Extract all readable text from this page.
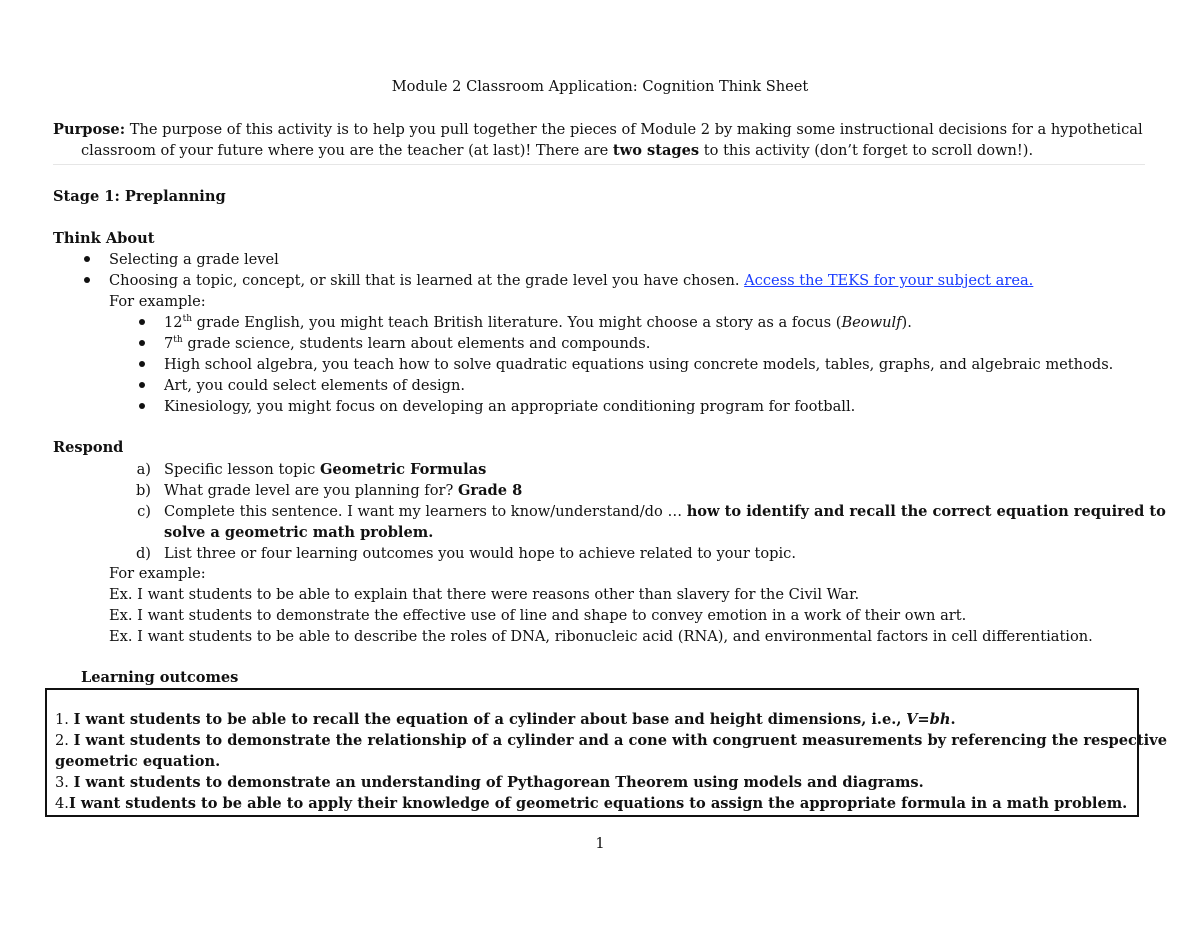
Module 2 Classroom Application: Cognition Think Sheet
Purpose: The purpose of this activity is to help you pull together the pieces of Module 2 by making some instructional decisions for a hypothetical
classroom of your future where you are the teacher (at last)! There are two stages to this activity (don’t forget to scroll down!).
Stage 1: Preplanning
Think About
Selecting a grade level
Choosing a topic, concept, or skill that is learned at the grade level you have chosen. Access the TEKS for your subject area.
For example:
12th grade English, you might teach British literature. You might choose a story as a focus (Beowulf).
7th grade science, students learn about elements and compounds.
High school algebra, you teach how to solve quadratic equations using concrete models, tables, graphs, and algebraic methods.
Art, you could select elements of design.
Kinesiology, you might focus on developing an appropriate conditioning program for football.
Respond
a) Specific lesson topic Geometric Formulas
b) What grade level are you planning for? Grade 8
c) Complete this sentence. I want my learners to know/understand/do … how to identify and recall the correct equation required to
solve a geometric math problem.
d) List three or four learning outcomes you would hope to achieve related to your topic.
For example:
Ex. I want students to be able to explain that there were reasons other than slavery for the Civil War.
Ex. I want students to demonstrate the effective use of line and shape to convey emotion in a work of their own art.
Ex. I want students to be able to describe the roles of DNA, ribonucleic acid (RNA), and environmental factors in cell differentiation.
Learning outcomes
1. I want students to be able to recall the equation of a cylinder about base and height dimensions, i.e., V=bh.
2. I want students to demonstrate the relationship of a cylinder and a cone with congruent measurements by referencing the respective
geometric equation.
3. I want students to demonstrate an understanding of Pythagorean Theorem using models and diagrams.
4.I want students to be able to apply their knowledge of geometric equations to assign the appropriate formula in a math problem.
1
